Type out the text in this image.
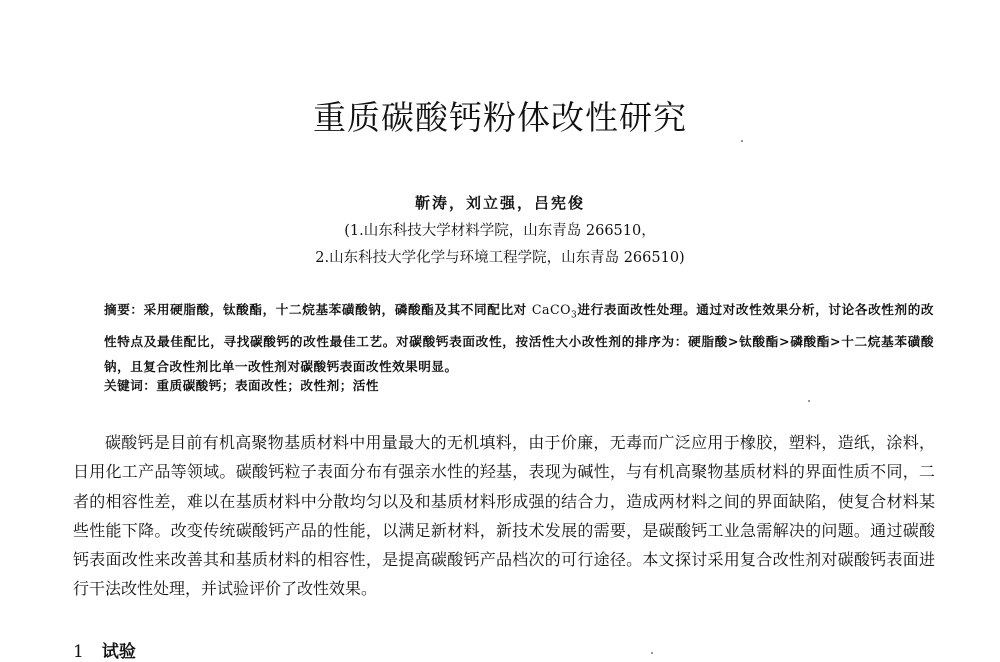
重质碳酸钙粉体改性研究
靳涛，刘立强，吕宪俊
(1.山东科技大学材料学院，山东青岛 266510，
2.山东科技大学化学与环境工程学院，山东青岛 266510)
摘要：采用硬脂酸，钛酸酯，十二烷基苯磺酸钠，磷酸酯及其不同配比对 CaCO$_3$进行表面改性处理。通过对改性效果分析，讨论各改性剂的改性特点及最佳配比，寻找碳酸钙的改性最佳工艺。对碳酸钙表面改性，按活性大小改性剂的排序为：硬脂酸>钛酸酯>磷酸酯>十二烷基苯磺酸钠，且复合改性剂比单一改性剂对碳酸钙表面改性效果明显。
关键词：重质碳酸钙；表面改性；改性剂；活性

碳酸钙是目前有机高聚物基质材料中用量最大的无机填料，由于价廉，无毒而广泛应用于橡胶，塑料，造纸，涂料，日用化工产品等领域。碳酸钙粒子表面分布有强亲水性的羟基，表现为碱性，与有机高聚物基质材料的界面性质不同，二者的相容性差，难以在基质材料中分散均匀以及和基质材料形成强的结合力，造成两材料之间的界面缺陷，使复合材料某些性能下降。改变传统碳酸钙产品的性能，以满足新材料，新技术发展的需要，是碳酸钙工业急需解决的问题。通过碳酸钙表面改性来改善其和基质材料的相容性，是提高碳酸钙产品档次的可行途径。本文探讨采用复合改性剂对碳酸钙表面进行干法改性处理，并试验评价了改性效果。

1 试验
